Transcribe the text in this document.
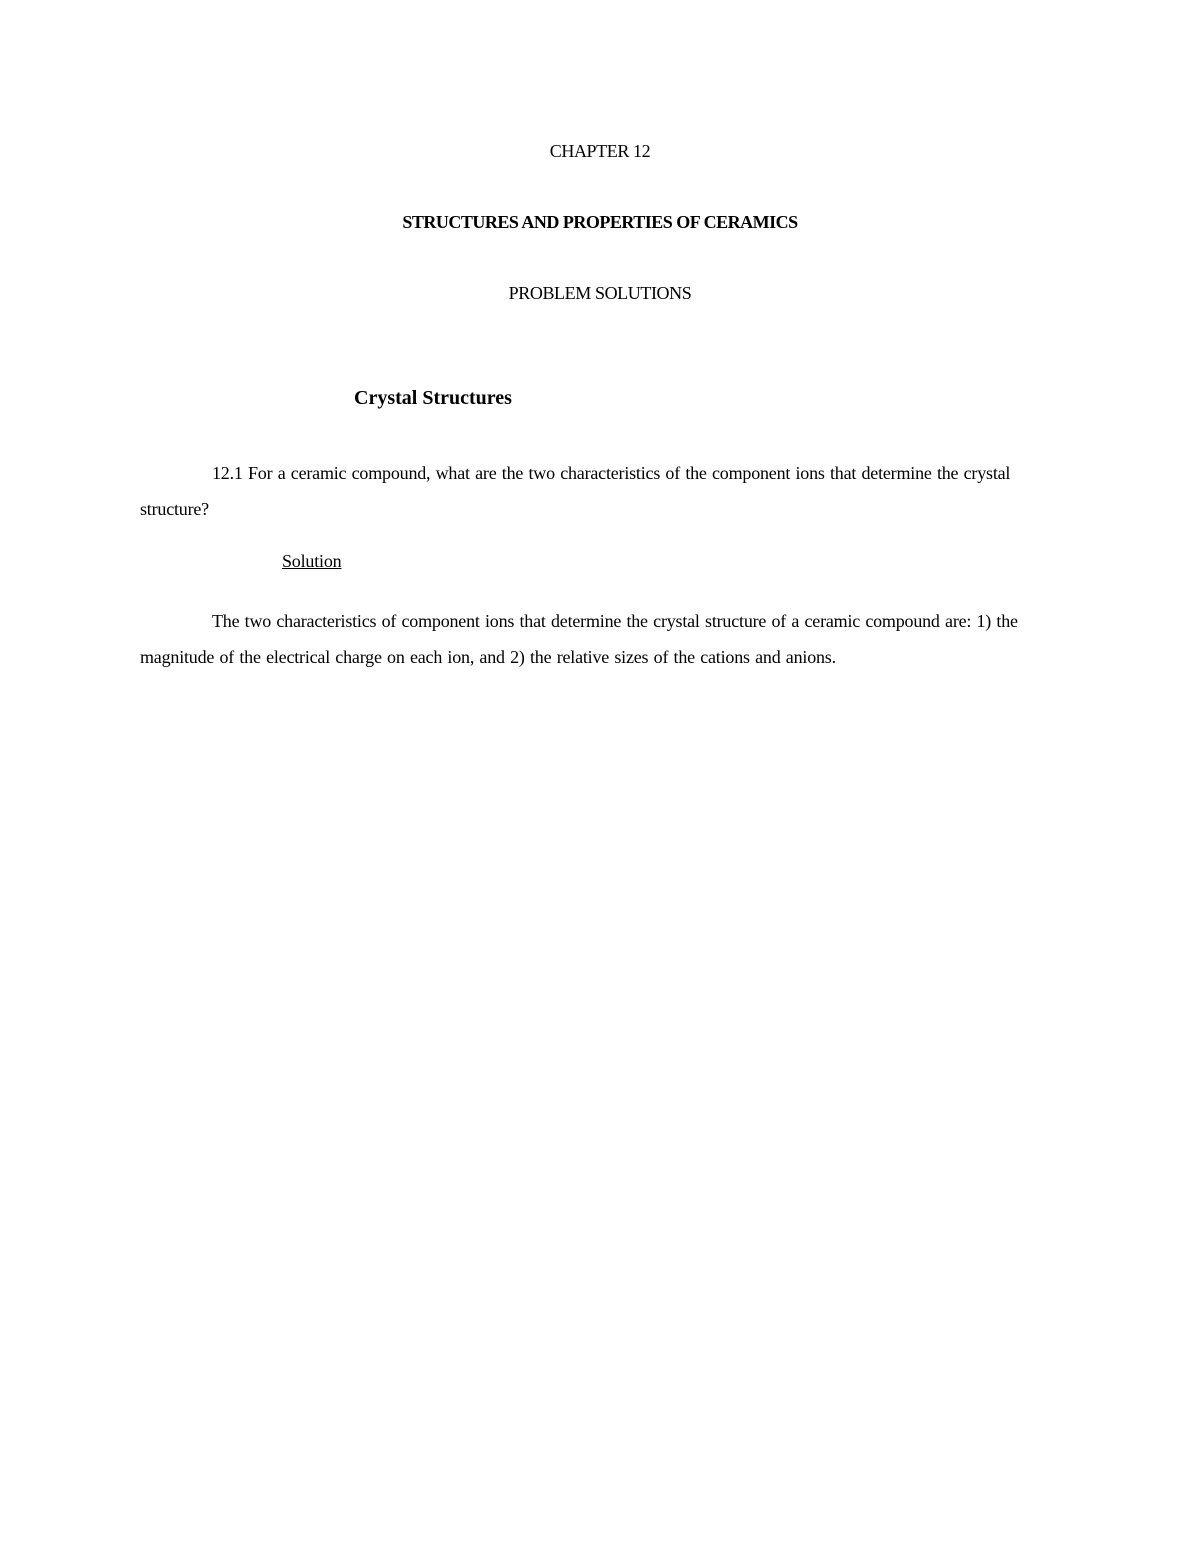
CHAPTER 12
STRUCTURES AND PROPERTIES OF CERAMICS
PROBLEM SOLUTIONS
Crystal Structures

12.1 For a ceramic compound, what are the two characteristics of the component ions that determine the crystal structure?

Solution

The two characteristics of component ions that determine the crystal structure of a ceramic compound are: 1) the magnitude of the electrical charge on each ion, and 2) the relative sizes of the cations and anions.
